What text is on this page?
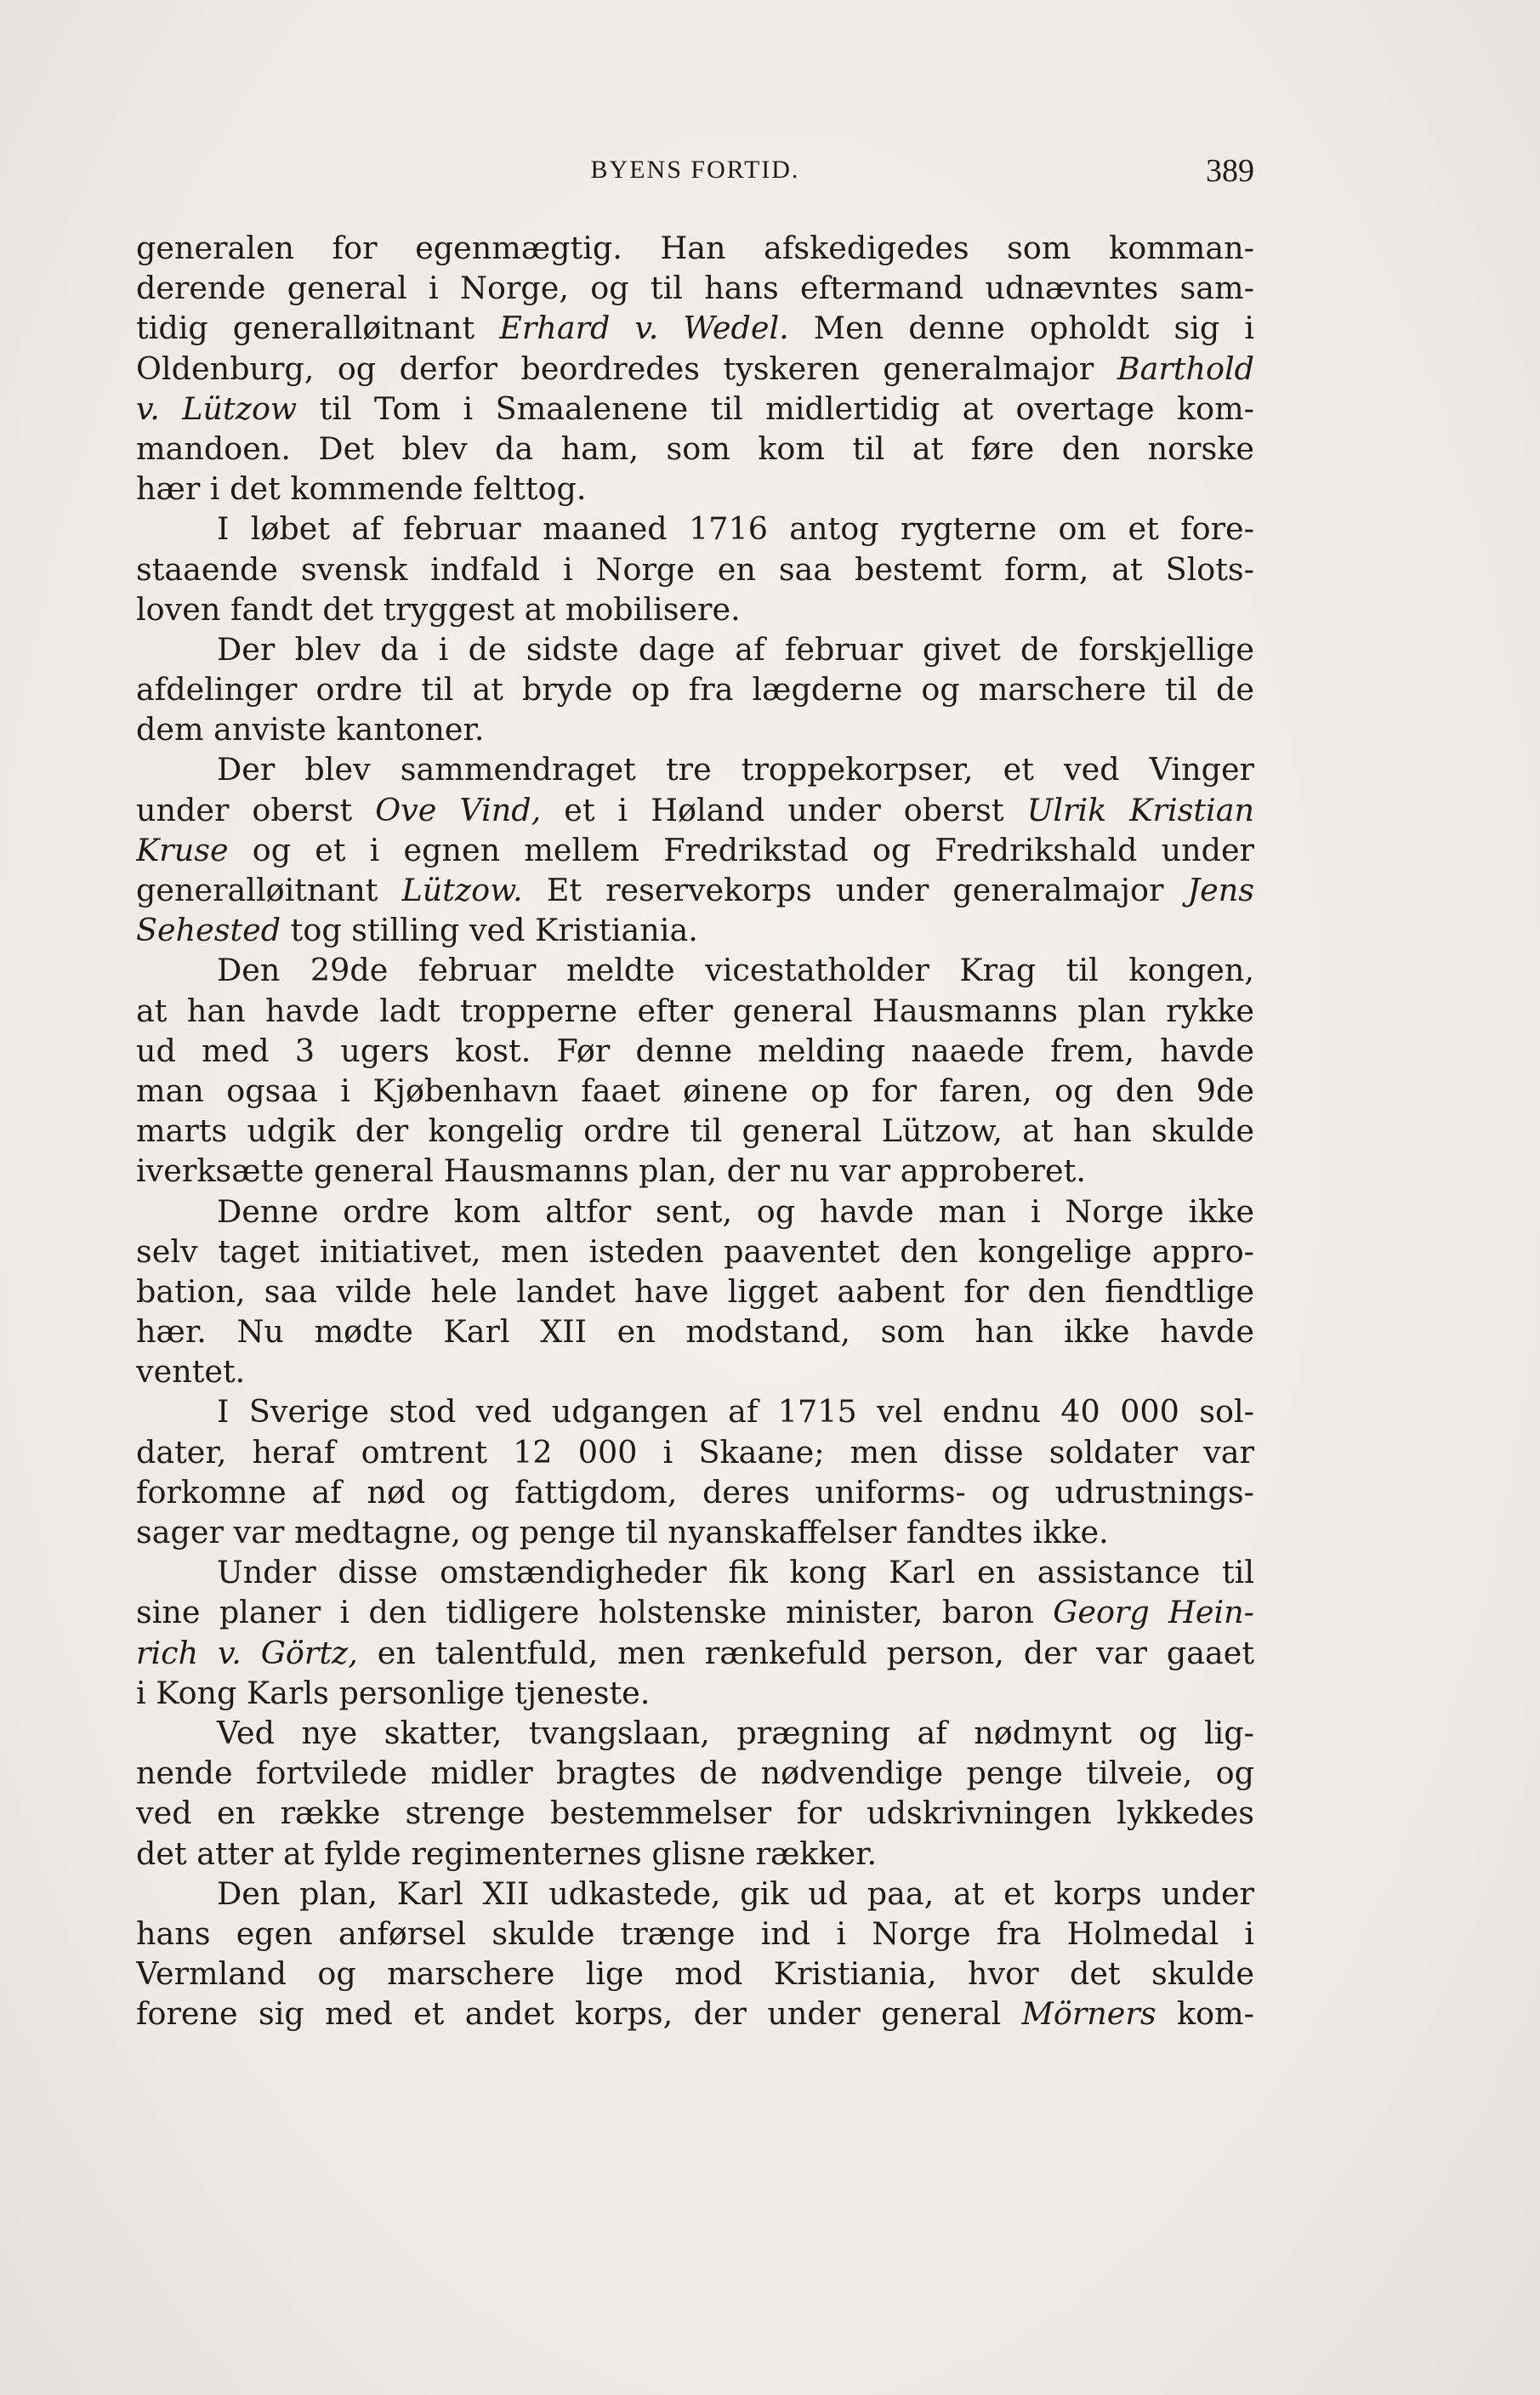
BYENS FORTID.	389
generalen for egenmægtig. Han afskedigedes som komman-
derende general i Norge, og til hans eftermand udnævntes sam-
tidig generalløitnant Erhard v. Wedel. Men denne opholdt sig i
Oldenburg, og derfor beordredes tyskeren generalmajor Barthold
v. Lützow til Tom i Smaalenene til midlertidig at overtage kom-
mandoen. Det blev da ham, som kom til at føre den norske
hær i det kommende felttog.
I løbet af februar maaned 1716 antog rygterne om et fore-
staaende svensk indfald i Norge en saa bestemt form, at Slots-
loven fandt det tryggest at mobilisere.
Der blev da i de sidste dage af februar givet de forskjellige
afdelinger ordre til at bryde op fra lægderne og marschere til de
dem anviste kantoner.
Der blev sammendraget tre troppekorpser, et ved Vinger
under oberst Ove Vind, et i Høland under oberst Ulrik Kristian
Kruse og et i egnen mellem Fredrikstad og Fredrikshald under
generalløitnant Lützow. Et reservekorps under generalmajor Jens
Sehested tog stilling ved Kristiania.
Den 29de februar meldte vicestatholder Krag til kongen,
at han havde ladt tropperne efter general Hausmanns plan rykke
ud med 3 ugers kost. Før denne melding naaede frem, havde
man ogsaa i Kjøbenhavn faaet øinene op for faren, og den 9de
marts udgik der kongelig ordre til general Lützow, at han skulde
iverksætte general Hausmanns plan, der nu var approberet.
Denne ordre kom altfor sent, og havde man i Norge ikke
selv taget initiativet, men isteden paaventet den kongelige appro-
bation, saa vilde hele landet have ligget aabent for den fiendtlige
hær. Nu mødte Karl XII en modstand, som han ikke havde
ventet.
I Sverige stod ved udgangen af 1715 vel endnu 40 000 sol-
dater, heraf omtrent 12 000 i Skaane; men disse soldater var
forkomne af nød og fattigdom, deres uniforms- og udrustnings-
sager var medtagne, og penge til nyanskaffelser fandtes ikke.
Under disse omstændigheder fik kong Karl en assistance til
sine planer i den tidligere holstenske minister, baron Georg Hein-
rich v. Görtz, en talentfuld, men rænkefuld person, der var gaaet
i Kong Karls personlige tjeneste.
Ved nye skatter, tvangslaan, prægning af nødmynt og lig-
nende fortvilede midler bragtes de nødvendige penge tilveie, og
ved en række strenge bestemmelser for udskrivningen lykkedes
det atter at fylde regimenternes glisne rækker.
Den plan, Karl XII udkastede, gik ud paa, at et korps under
hans egen anførsel skulde trænge ind i Norge fra Holmedal i
Vermland og marschere lige mod Kristiania, hvor det skulde
forene sig med et andet korps, der under general Mörners kom-
